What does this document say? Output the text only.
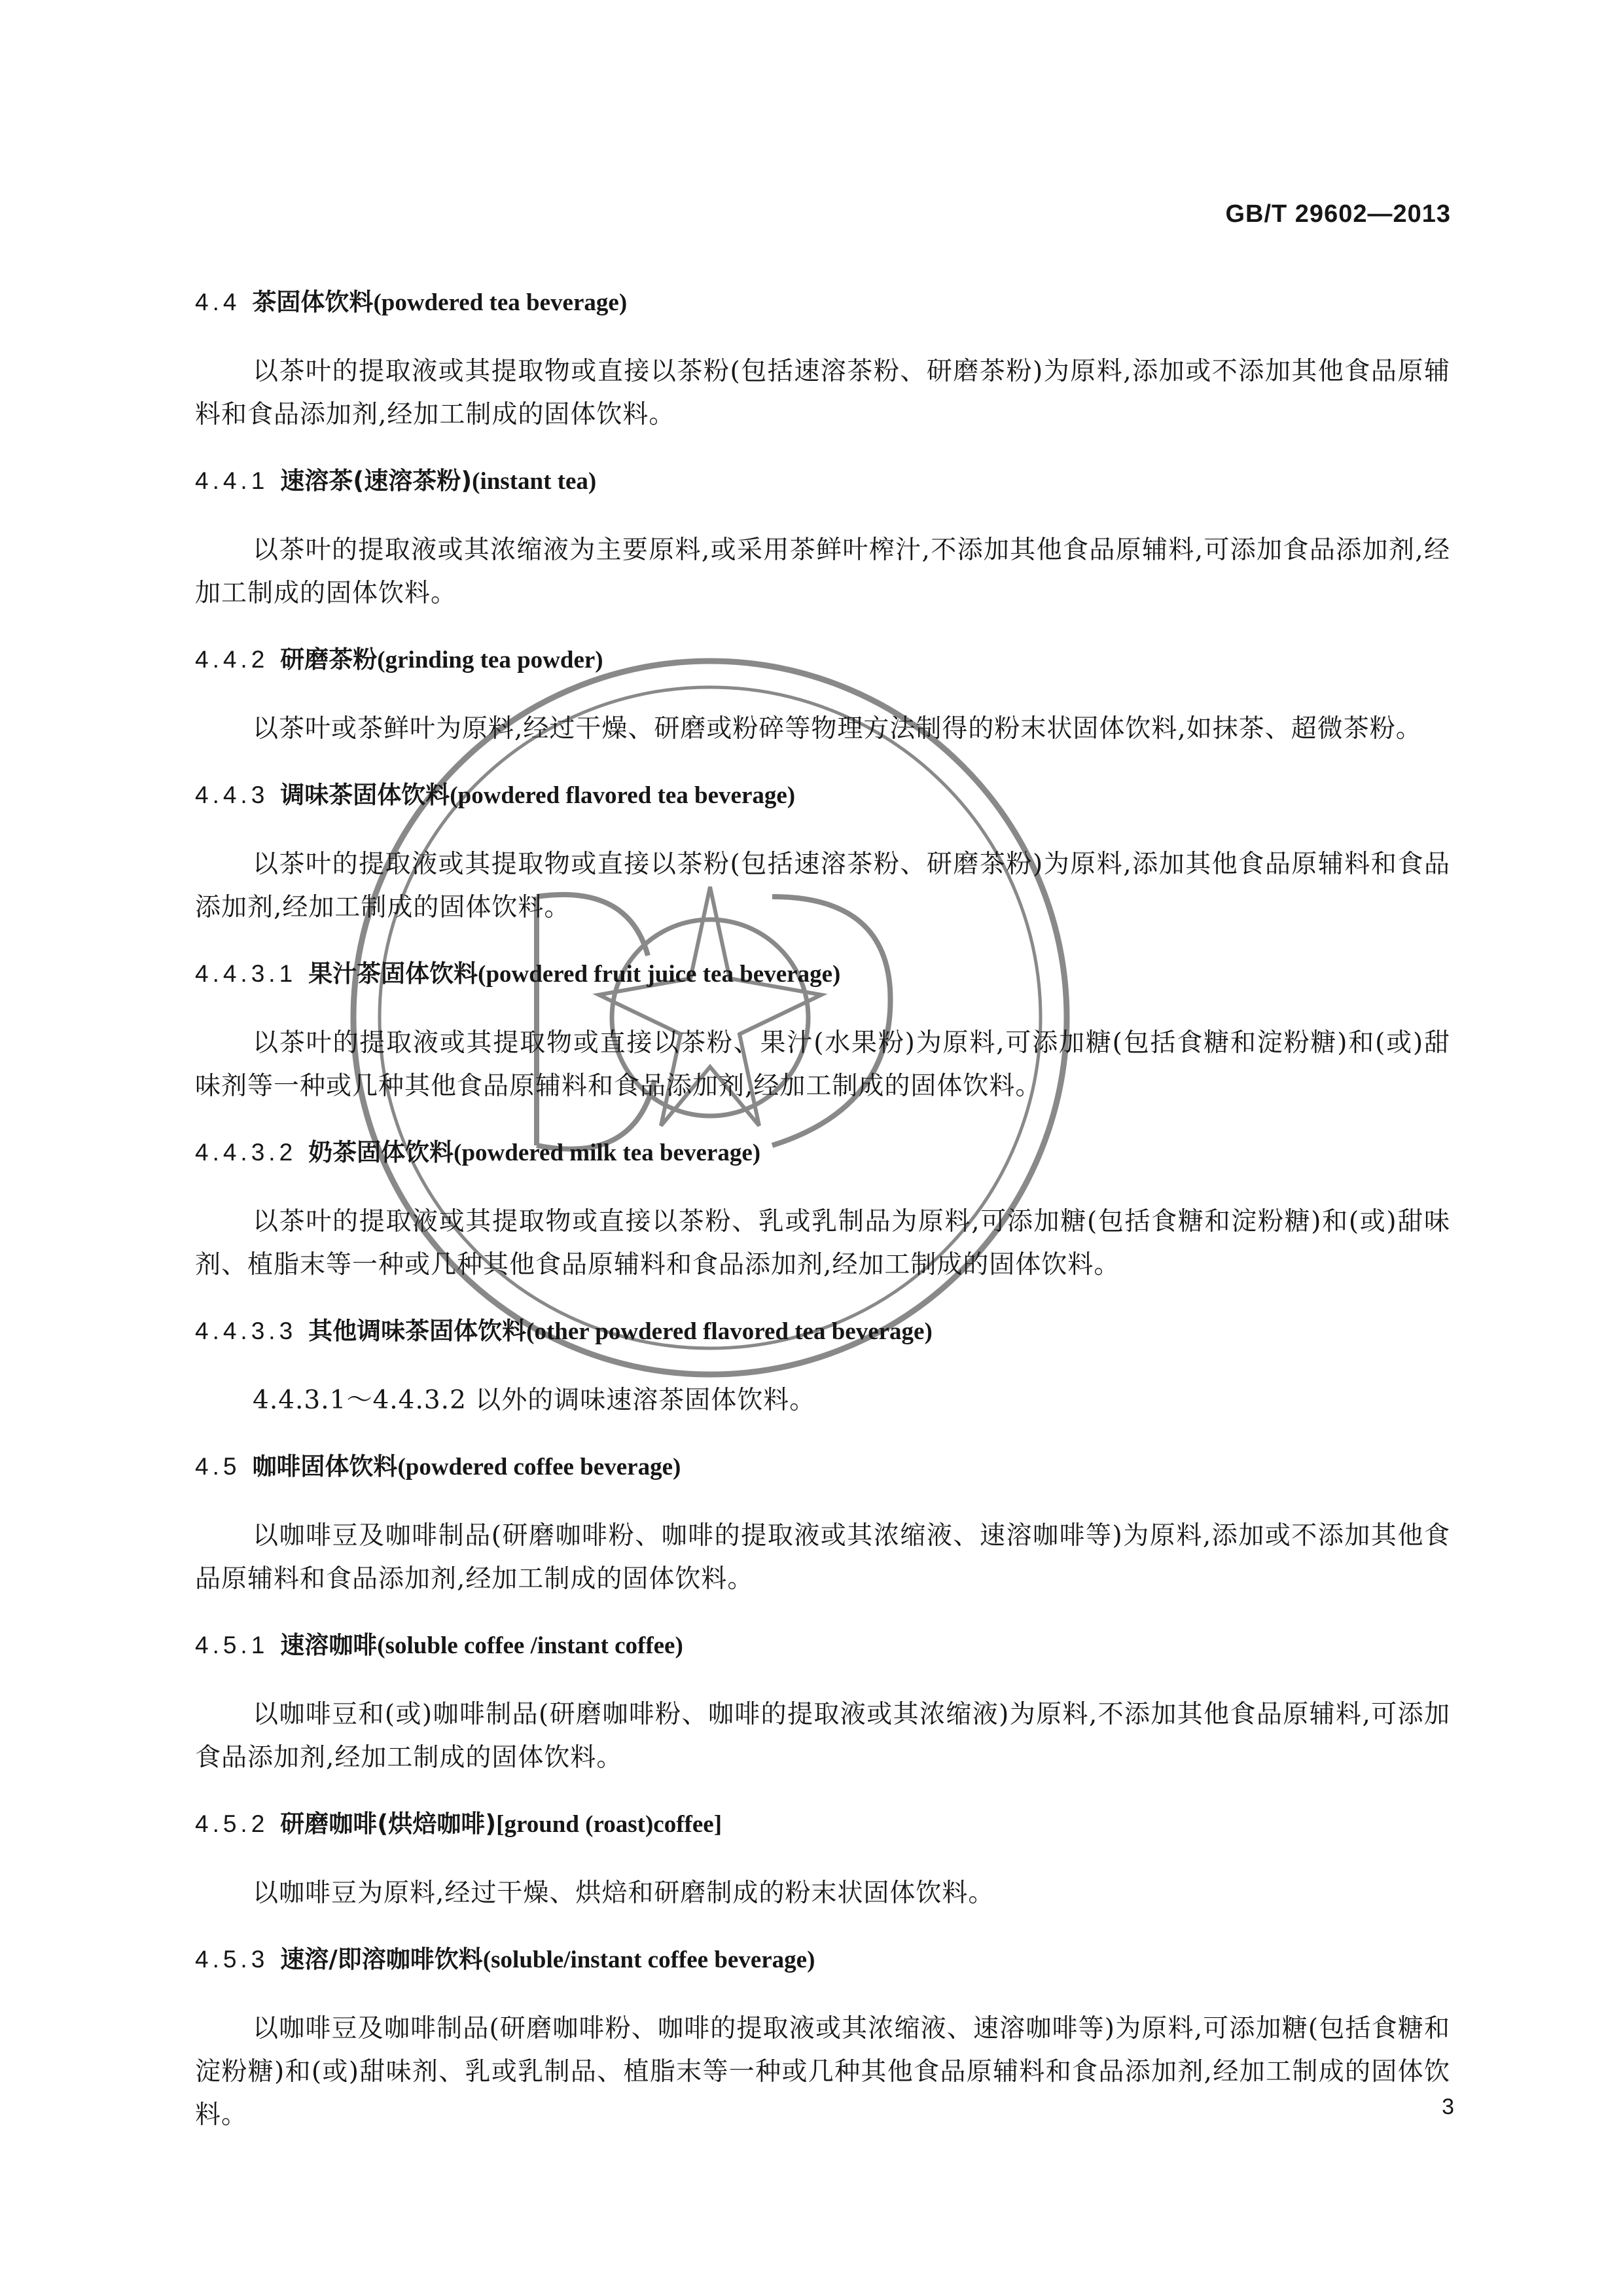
GB/T 29602—2013
4.4 茶固体饮料(powdered tea beverage)

以茶叶的提取液或其提取物或直接以茶粉(包括速溶茶粉、研磨茶粉)为原料,添加或不添加其他食品原辅料和食品添加剂,经加工制成的固体饮料。

4.4.1 速溶茶(速溶茶粉)(instant tea)

以茶叶的提取液或其浓缩液为主要原料,或采用茶鲜叶榨汁,不添加其他食品原辅料,可添加食品添加剂,经加工制成的固体饮料。

4.4.2 研磨茶粉(grinding tea powder)

以茶叶或茶鲜叶为原料,经过干燥、研磨或粉碎等物理方法制得的粉末状固体饮料,如抹茶、超微茶粉。

4.4.3 调味茶固体饮料(powdered flavored tea beverage)

以茶叶的提取液或其提取物或直接以茶粉(包括速溶茶粉、研磨茶粉)为原料,添加其他食品原辅料和食品添加剂,经加工制成的固体饮料。

4.4.3.1 果汁茶固体饮料(powdered fruit juice tea beverage)

以茶叶的提取液或其提取物或直接以茶粉、果汁(水果粉)为原料,可添加糖(包括食糖和淀粉糖)和(或)甜味剂等一种或几种其他食品原辅料和食品添加剂,经加工制成的固体饮料。

4.4.3.2 奶茶固体饮料(powdered milk tea beverage)

以茶叶的提取液或其提取物或直接以茶粉、乳或乳制品为原料,可添加糖(包括食糖和淀粉糖)和(或)甜味剂、植脂末等一种或几种其他食品原辅料和食品添加剂,经加工制成的固体饮料。

4.4.3.3 其他调味茶固体饮料(other powdered flavored tea beverage)

4.4.3.1～4.4.3.2 以外的调味速溶茶固体饮料。

4.5 咖啡固体饮料(powdered coffee beverage)

以咖啡豆及咖啡制品(研磨咖啡粉、咖啡的提取液或其浓缩液、速溶咖啡等)为原料,添加或不添加其他食品原辅料和食品添加剂,经加工制成的固体饮料。

4.5.1 速溶咖啡(soluble coffee /instant coffee)

以咖啡豆和(或)咖啡制品(研磨咖啡粉、咖啡的提取液或其浓缩液)为原料,不添加其他食品原辅料,可添加食品添加剂,经加工制成的固体饮料。

4.5.2 研磨咖啡(烘焙咖啡)[ground (roast)coffee]

以咖啡豆为原料,经过干燥、烘焙和研磨制成的粉末状固体饮料。

4.5.3 速溶/即溶咖啡饮料(soluble/instant coffee beverage)

以咖啡豆及咖啡制品(研磨咖啡粉、咖啡的提取液或其浓缩液、速溶咖啡等)为原料,可添加糖(包括食糖和淀粉糖)和(或)甜味剂、乳或乳制品、植脂末等一种或几种其他食品原辅料和食品添加剂,经加工制成的固体饮料。	3
